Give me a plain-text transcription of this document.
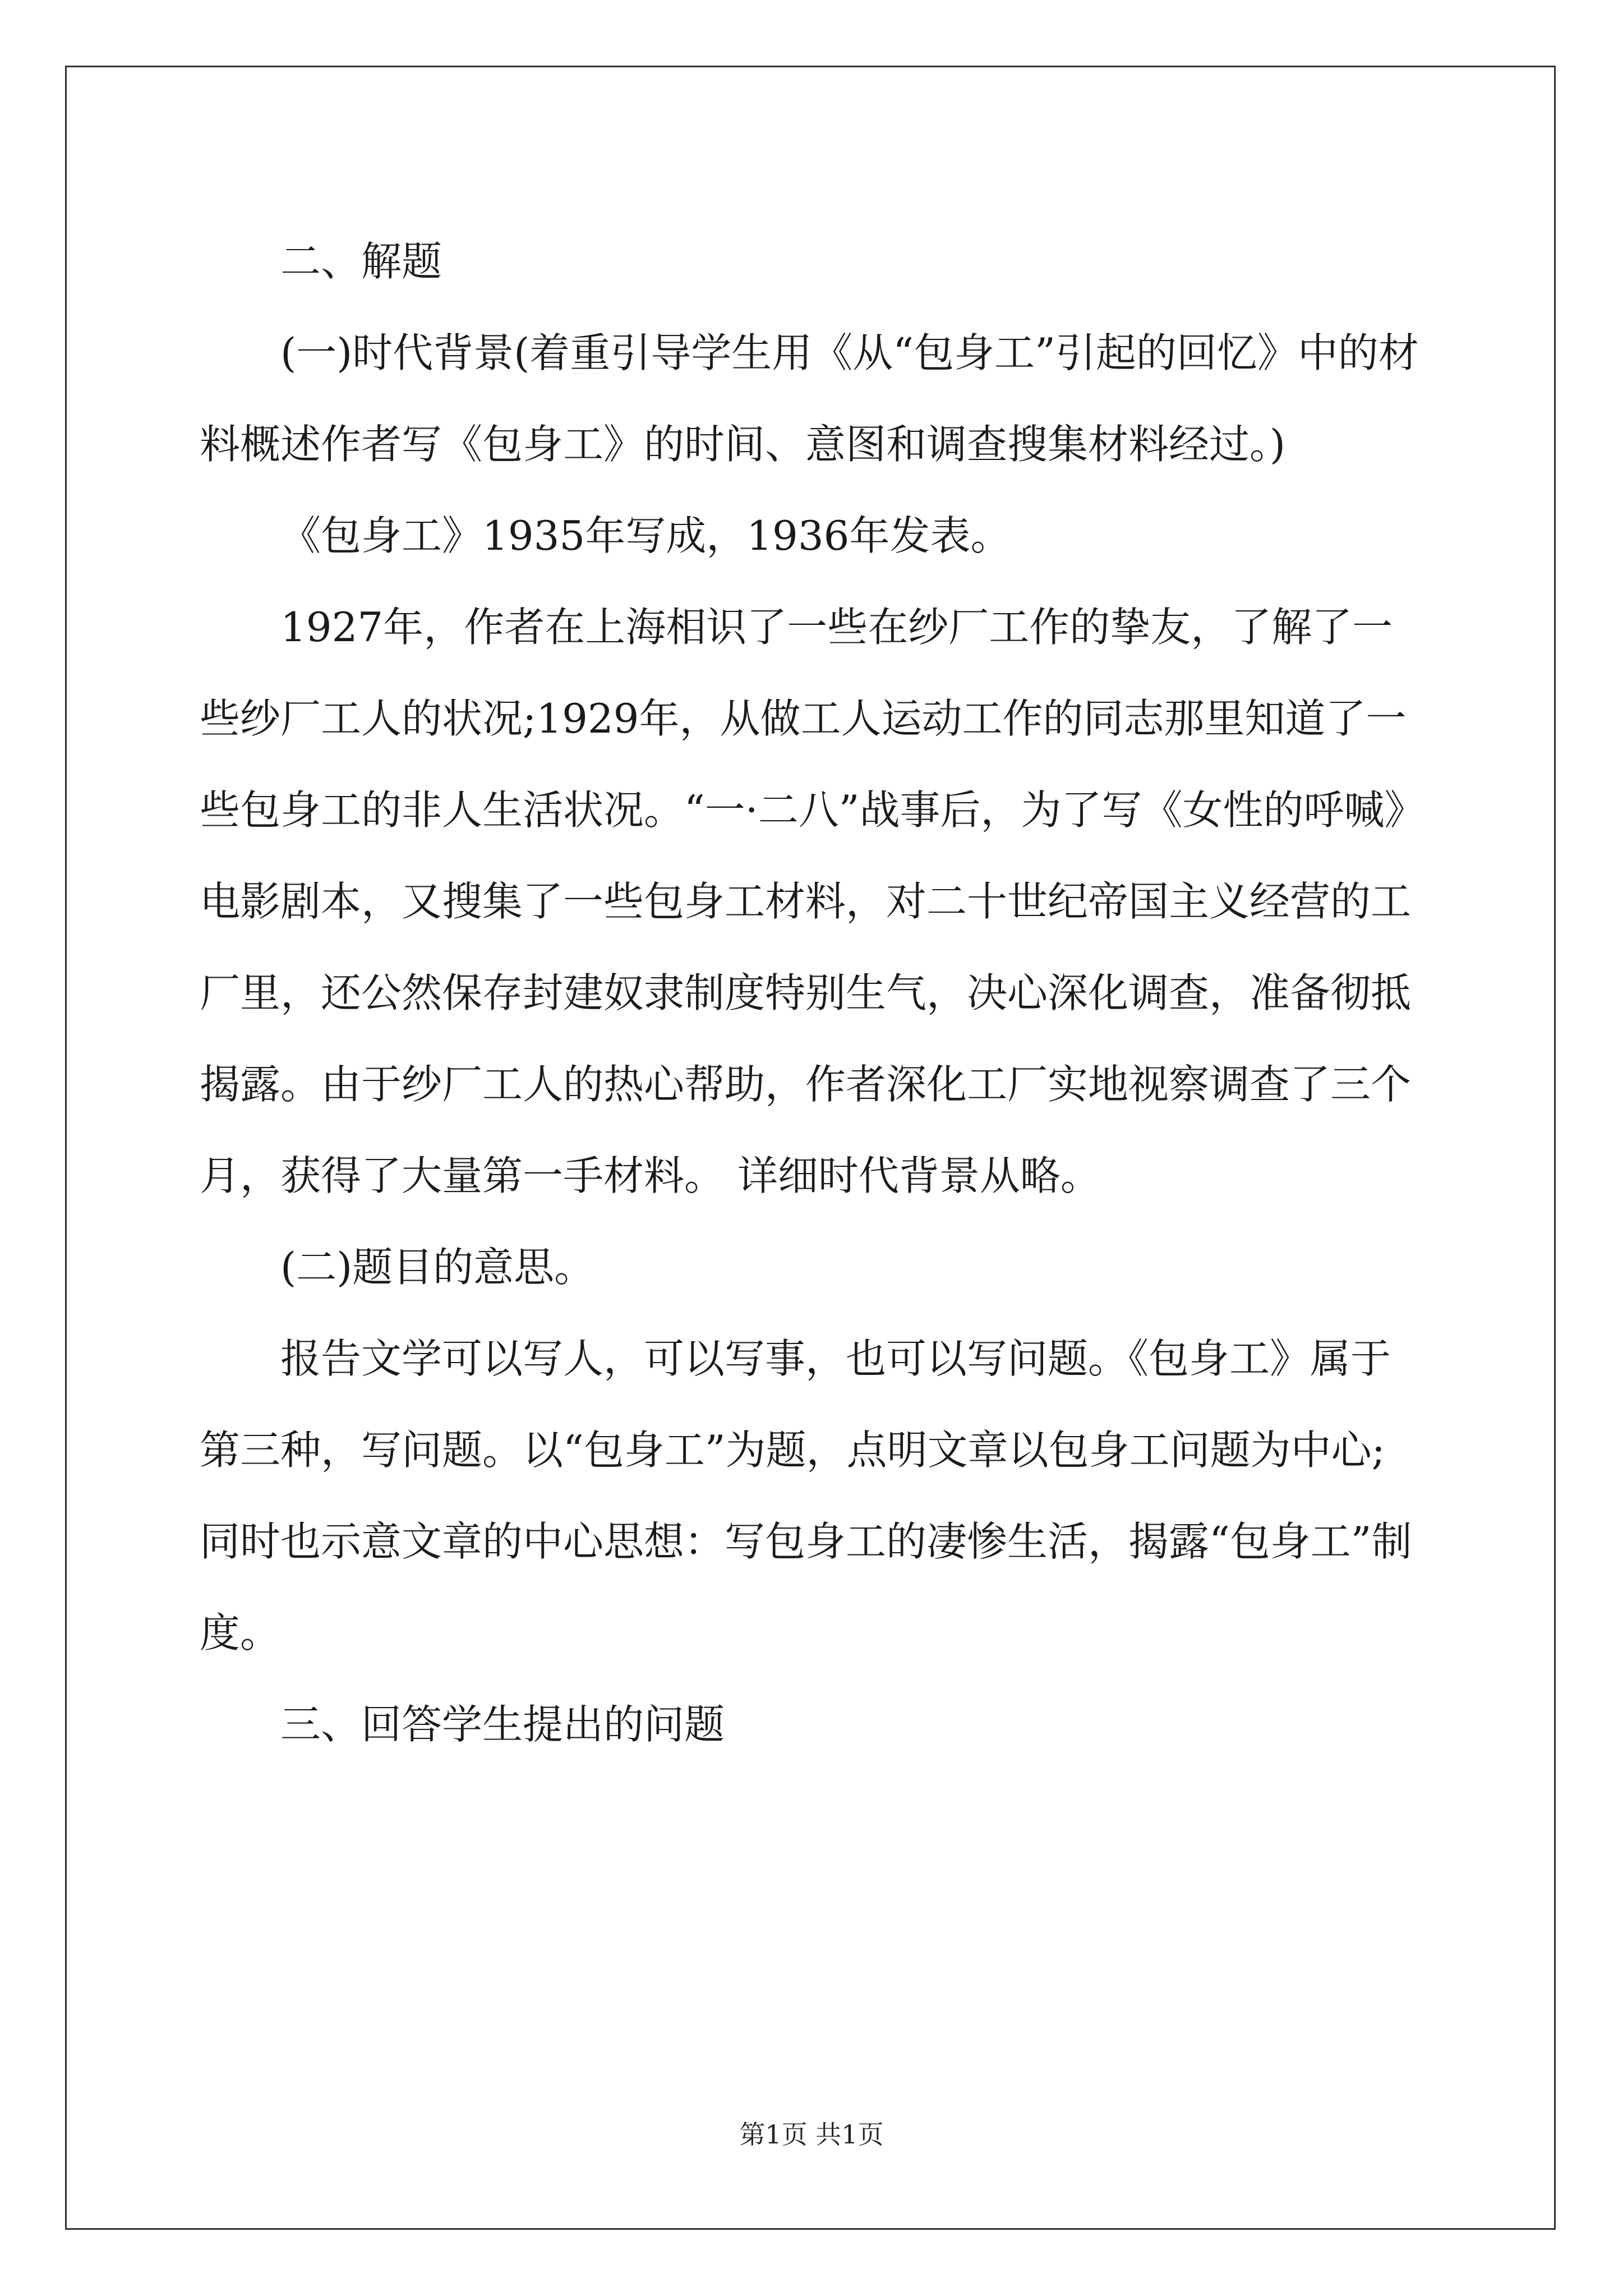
二、解题

(一)时代背景(着重引导学生用《从“包身工”引起的回忆》中的材料概述作者写《包身工》的时间、意图和调查搜集材料经过。)

《包身工》1935年写成，1936年发表。

1927年，作者在上海相识了一些在纱厂工作的挚友，了解了一些纱厂工人的状况;1929年，从做工人运动工作的同志那里知道了一些包身工的非人生活状况。“一·二八”战事后，为了写《女性的呼喊》电影剧本，又搜集了一些包身工材料，对二十世纪帝国主义经营的工厂里，还公然保存封建奴隶制度特别生气，决心深化调查，准备彻抵揭露。由于纱厂工人的热心帮助，作者深化工厂实地视察调查了三个月，获得了大量第一手材料。 详细时代背景从略。

(二)题目的意思。

报告文学可以写人，可以写事，也可以写问题。《包身工》属于第三种，写问题。以“包身工”为题，点明文章以包身工问题为中心;同时也示意文章的中心思想：写包身工的凄惨生活，揭露“包身工”制度。

三、回答学生提出的问题

第1页 共1页
